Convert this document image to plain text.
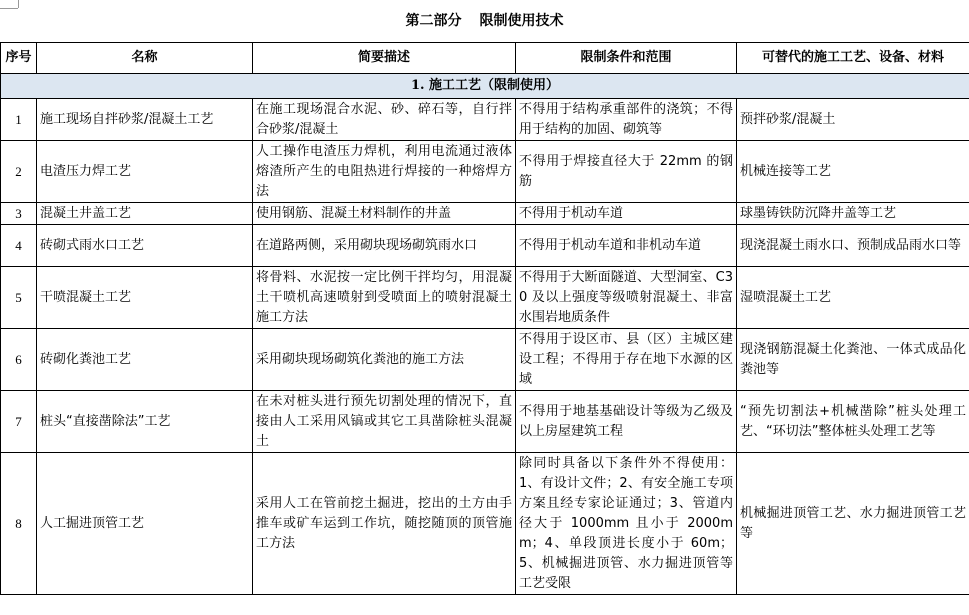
第二部分 限制使用技术
序号	名称	简要描述	限制条件和范围	可替代的施工工艺、设备、材料
1. 施工工艺（限制使用）				
1	施工现场自拌砂浆/混凝土工艺	在施工现场混合水泥、砂、碎石等，自行拌合砂浆/混凝土	不得用于结构承重部件的浇筑；不得用于结构的加固、砌筑等	预拌砂浆/混凝土
2	电渣压力焊工艺	人工操作电渣压力焊机，利用电流通过液体熔渣所产生的电阻热进行焊接的一种熔焊方法	不得用于焊接直径大于 22mm 的钢筋	机械连接等工艺
3	混凝土井盖工艺	使用钢筋、混凝土材料制作的井盖	不得用于机动车道	球墨铸铁防沉降井盖等工艺
4	砖砌式雨水口工艺	在道路两侧，采用砌块现场砌筑雨水口	不得用于机动车道和非机动车道	现浇混凝土雨水口、预制成品雨水口等
5	干喷混凝土工艺	将骨料、水泥按一定比例干拌均匀，用混凝土干喷机高速喷射到受喷面上的喷射混凝土施工方法	不得用于大断面隧道、大型洞室、C30 及以上强度等级喷射混凝土、非富水围岩地质条件	湿喷混凝土工艺
6	砖砌化粪池工艺	采用砌块现场砌筑化粪池的施工方法	不得用于设区市、县（区）主城区建设工程；不得用于存在地下水源的区域	现浇钢筋混凝土化粪池、一体式成品化粪池等
7	桩头“直接凿除法”工艺	在未对桩头进行预先切割处理的情况下，直接由人工采用风镐或其它工具凿除桩头混凝土	不得用于地基基础设计等级为乙级及以上房屋建筑工程	“预先切割法+机械凿除”桩头处理工艺、“环切法”整体桩头处理工艺等
8	人工掘进顶管工艺	采用人工在管前挖土掘进，挖出的土方由手推车或矿车运到工作坑，随挖随顶的顶管施工方法	除同时具备以下条件外不得使用：1、有设计文件；2、有安全施工专项方案且经专家论证通过；3、管道内径大于 1000mm 且小于 2000mm；4、单段顶进长度小于 60m；5、机械掘进顶管、水力掘进顶管等工艺受限	机械掘进顶管工艺、水力掘进顶管工艺等
